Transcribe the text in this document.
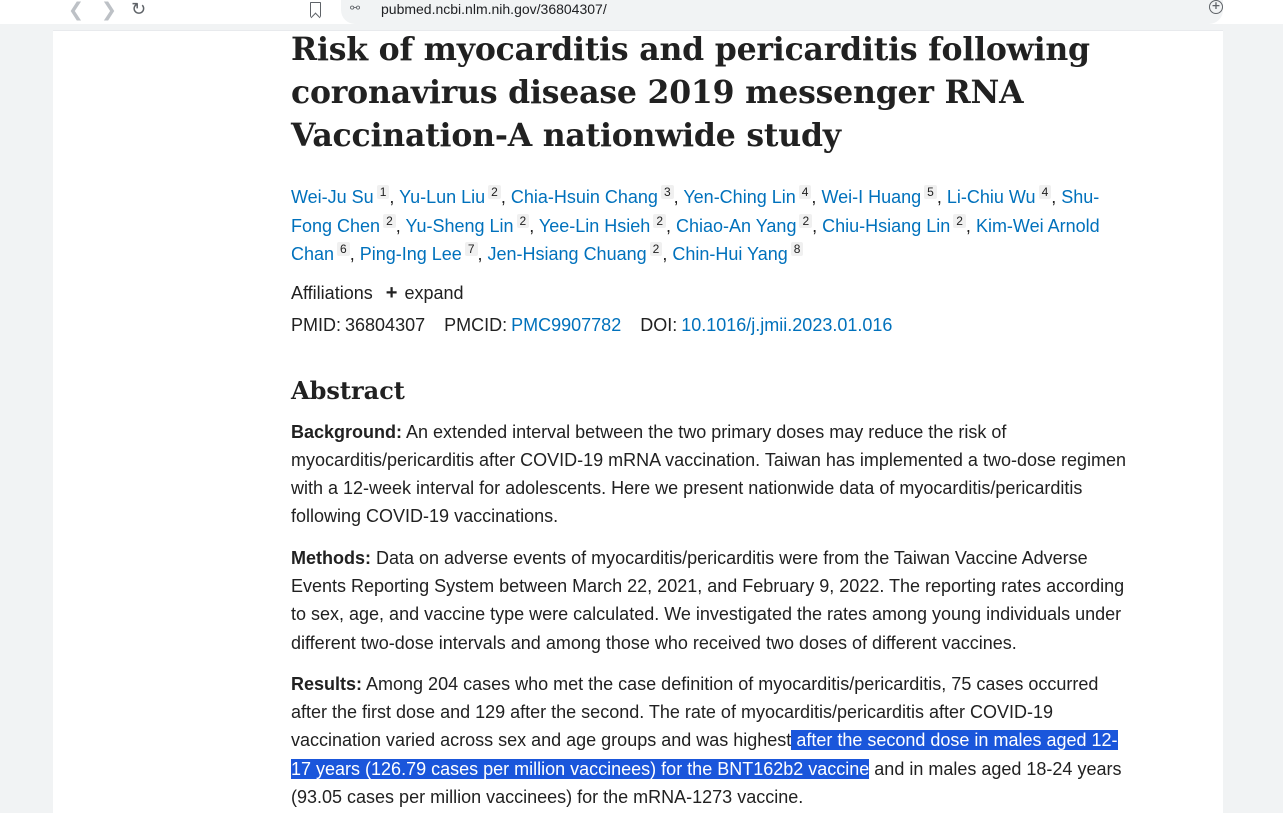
❮ ❯ ↻	⚯	pubmed.ncbi.nlm.nih.gov/36804307/	+
Risk of myocarditis and pericarditis following coronavirus disease 2019 messenger RNA Vaccination-A nationwide study
Wei-Ju Su 1 , Yu-Lun Liu 2 , Chia-Hsuin Chang 3 , Yen-Ching Lin 4 , Wei-I Huang 5 , Li-Chiu Wu 4 , Shu-Fong Chen 2 , Yu-Sheng Lin 2 , Yee-Lin Hsieh 2 , Chiao-An Yang 2 , Chiu-Hsiang Lin 2 , Kim-Wei Arnold Chan 6 , Ping-Ing Lee 7 , Jen-Hsiang Chuang 2 , Chin-Hui Yang 8
Affiliations + expand
PMID: 36804307 PMCID: PMC9907782 DOI: 10.1016/j.jmii.2023.01.016
Abstract

Background: An extended interval between the two primary doses may reduce the risk of myocarditis/pericarditis after COVID-19 mRNA vaccination. Taiwan has implemented a two-dose regimen with a 12-week interval for adolescents. Here we present nationwide data of myocarditis/pericarditis following COVID-19 vaccinations.

Methods: Data on adverse events of myocarditis/pericarditis were from the Taiwan Vaccine Adverse Events Reporting System between March 22, 2021, and February 9, 2022. The reporting rates according to sex, age, and vaccine type were calculated. We investigated the rates among young individuals under different two-dose intervals and among those who received two doses of different vaccines.

Results: Among 204 cases who met the case definition of myocarditis/pericarditis, 75 cases occurred after the first dose and 129 after the second. The rate of myocarditis/pericarditis after COVID-19 vaccination varied across sex and age groups and was highest after the second dose in males aged 12-17 years (126.79 cases per million vaccinees) for the BNT162b2 vaccine and in males aged 18-24 years (93.05 cases per million vaccinees) for the mRNA-1273 vaccine.
